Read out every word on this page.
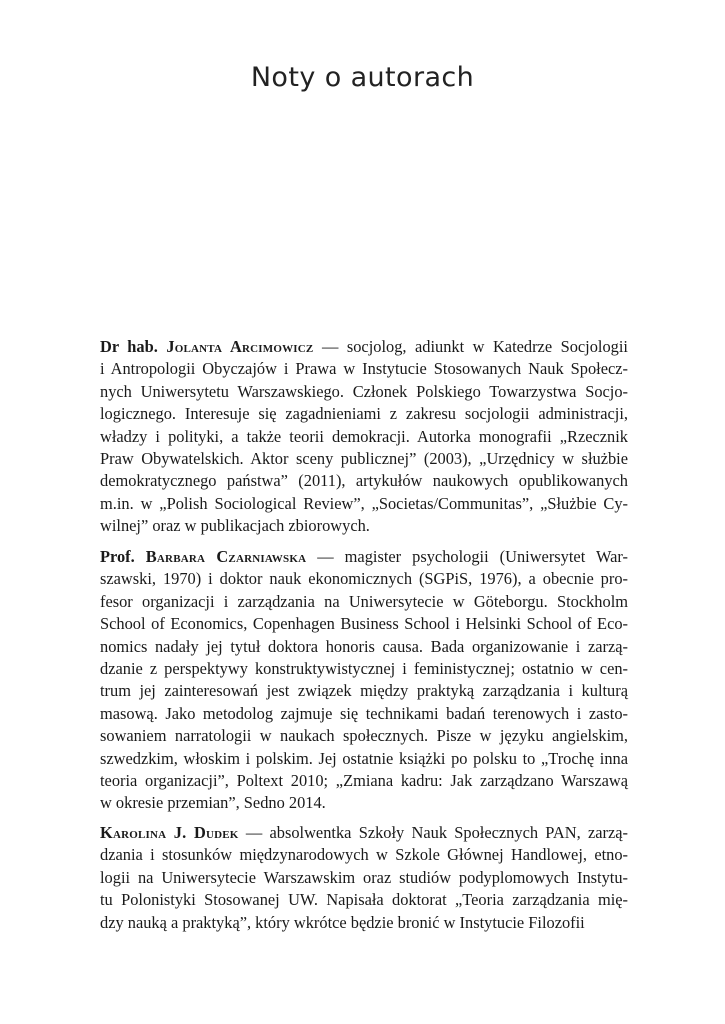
Noty o autorach
Dr hab. Jolanta Arcimowicz — socjolog, adiunkt w Katedrze Socjologii
i Antropologii Obyczajów i Prawa w Instytucie Stosowanych Nauk Społecz-
nych Uniwersytetu Warszawskiego. Członek Polskiego Towarzystwa Socjo-
logicznego. Interesuje się zagadnieniami z zakresu socjologii administracji,
władzy i polityki, a także teorii demokracji. Autorka monografii „Rzecznik
Praw Obywatelskich. Aktor sceny publicznej” (2003), „Urzędnicy w służbie
demokratycznego państwa” (2011), artykułów naukowych opublikowanych
m.in. w „Polish Sociological Review”, „Societas/Communitas”, „Służbie Cy-
wilnej” oraz w publikacjach zbiorowych.
Prof. Barbara Czarniawska — magister psychologii (Uniwersytet War-
szawski, 1970) i doktor nauk ekonomicznych (SGPiS, 1976), a obecnie pro-
fesor organizacji i zarządzania na Uniwersytecie w Göteborgu. Stockholm
School of Economics, Copenhagen Business School i Helsinki School of Eco-
nomics nadały jej tytuł doktora honoris causa. Bada organizowanie i zarzą-
dzanie z perspektywy konstruktywistycznej i feministycznej; ostatnio w cen-
trum jej zainteresowań jest związek między praktyką zarządzania i kulturą
masową. Jako metodolog zajmuje się technikami badań terenowych i zasto-
sowaniem narratologii w naukach społecznych. Pisze w języku angielskim,
szwedzkim, włoskim i polskim. Jej ostatnie książki po polsku to „Trochę inna
teoria organizacji”, Poltext 2010; „Zmiana kadru: Jak zarządzano Warszawą
w okresie przemian”, Sedno 2014.
Karolina J. Dudek — absolwentka Szkoły Nauk Społecznych PAN, zarzą-
dzania i stosunków międzynarodowych w Szkole Głównej Handlowej, etno-
logii na Uniwersytecie Warszawskim oraz studiów podyplomowych Instytu-
tu Polonistyki Stosowanej UW. Napisała doktorat „Teoria zarządzania mię-
dzy nauką a praktyką”, który wkrótce będzie bronić w Instytucie Filozofii
